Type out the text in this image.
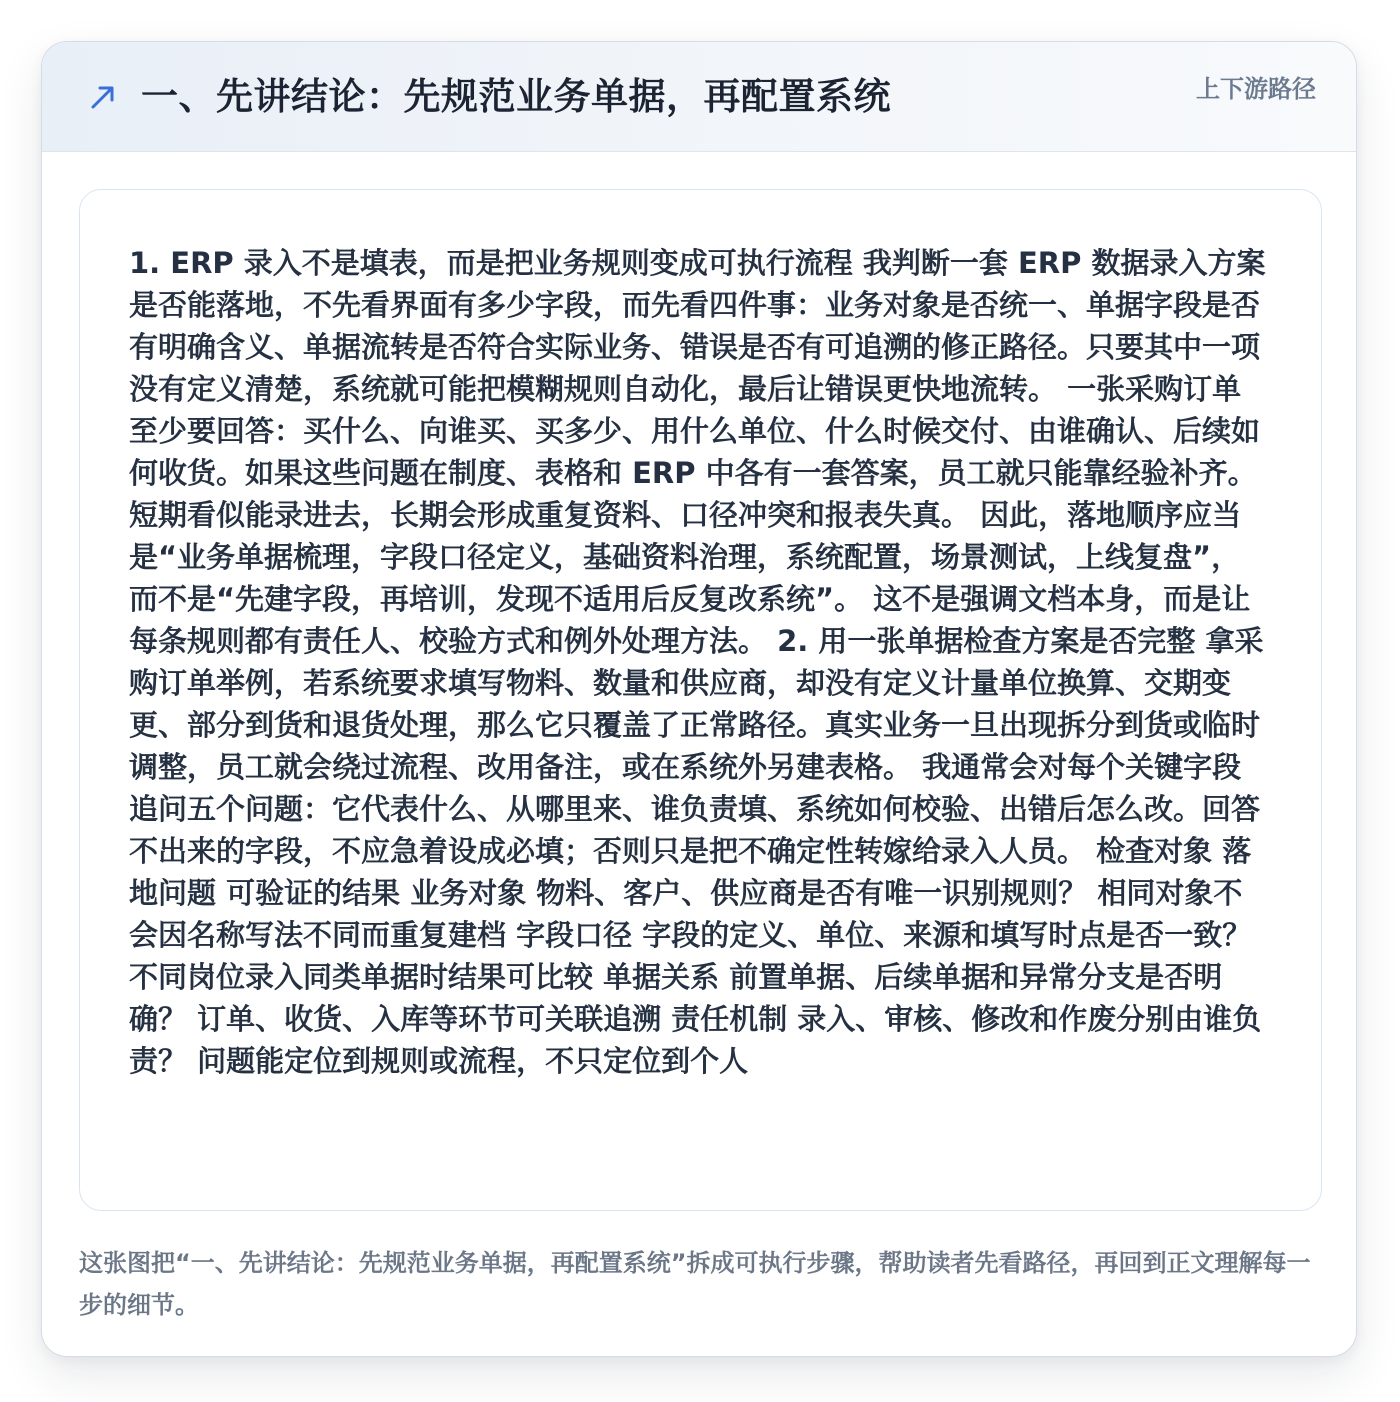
一、先讲结论：先规范业务单据，再配置系统	上下游路径

1. ERP 录入不是填表，而是把业务规则变成可执行流程 我判断一套 ERP 数据录入方案是否能落地，不先看界面有多少字段，而先看四件事：业务对象是否统一、单据字段是否有明确含义、单据流转是否符合实际业务、错误是否有可追溯的修正路径。只要其中一项没有定义清楚，系统就可能把模糊规则自动化，最后让错误更快地流转。 一张采购订单至少要回答：买什么、向谁买、买多少、用什么单位、什么时候交付、由谁确认、后续如何收货。如果这些问题在制度、表格和 ERP 中各有一套答案，员工就只能靠经验补齐。短期看似能录进去，长期会形成重复资料、口径冲突和报表失真。 因此，落地顺序应当是“业务单据梳理，字段口径定义，基础资料治理，系统配置，场景测试，上线复盘”，而不是“先建字段，再培训，发现不适用后反复改系统”。 这不是强调文档本身，而是让每条规则都有责任人、校验方式和例外处理方法。 2. 用一张单据检查方案是否完整 拿采购订单举例，若系统要求填写物料、数量和供应商，却没有定义计量单位换算、交期变更、部分到货和退货处理，那么它只覆盖了正常路径。真实业务一旦出现拆分到货或临时调整，员工就会绕过流程、改用备注，或在系统外另建表格。 我通常会对每个关键字段追问五个问题：它代表什么、从哪里来、谁负责填、系统如何校验、出错后怎么改。回答不出来的字段，不应急着设成必填；否则只是把不确定性转嫁给录入人员。 检查对象 落地问题 可验证的结果 业务对象 物料、客户、供应商是否有唯一识别规则？ 相同对象不会因名称写法不同而重复建档 字段口径 字段的定义、单位、来源和填写时点是否一致？ 不同岗位录入同类单据时结果可比较 单据关系 前置单据、后续单据和异常分支是否明确？ 订单、收货、入库等环节可关联追溯 责任机制 录入、审核、修改和作废分别由谁负责？ 问题能定位到规则或流程，不只定位到个人

这张图把“一、先讲结论：先规范业务单据，再配置系统”拆成可执行步骤，帮助读者先看路径，再回到正文理解每一步的细节。
